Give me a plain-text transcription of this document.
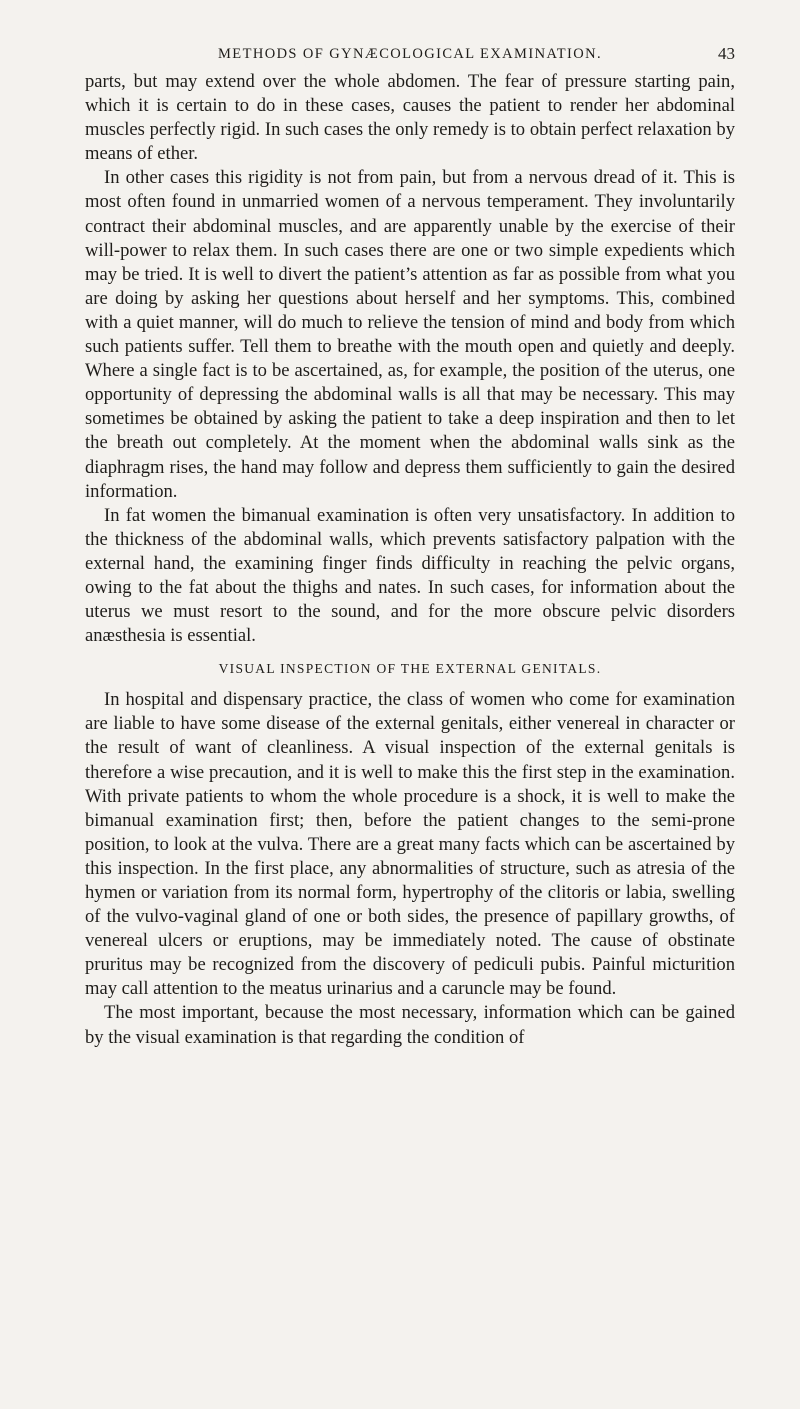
METHODS OF GYNÆCOLOGICAL EXAMINATION.	43

parts, but may extend over the whole abdomen. The fear of pressure starting pain, which it is certain to do in these cases, causes the patient to render her abdominal muscles perfectly rigid. In such cases the only remedy is to obtain perfect relaxation by means of ether.

In other cases this rigidity is not from pain, but from a nervous dread of it. This is most often found in unmarried women of a nervous temperament. They involuntarily contract their abdominal muscles, and are apparently unable by the exercise of their will-power to relax them. In such cases there are one or two simple expedients which may be tried. It is well to divert the patient’s attention as far as possible from what you are doing by asking her questions about herself and her symptoms. This, combined with a quiet manner, will do much to relieve the tension of mind and body from which such patients suffer. Tell them to breathe with the mouth open and quietly and deeply. Where a single fact is to be ascertained, as, for example, the position of the uterus, one opportunity of depressing the abdominal walls is all that may be necessary. This may sometimes be obtained by asking the patient to take a deep inspiration and then to let the breath out completely. At the moment when the abdominal walls sink as the diaphragm rises, the hand may follow and depress them sufficiently to gain the desired information.

In fat women the bimanual examination is often very unsatisfactory. In addition to the thickness of the abdominal walls, which prevents satisfactory palpation with the external hand, the examining finger finds difficulty in reaching the pelvic organs, owing to the fat about the thighs and nates. In such cases, for information about the uterus we must resort to the sound, and for the more obscure pelvic disorders anæsthesia is essential.

VISUAL INSPECTION OF THE EXTERNAL GENITALS.

In hospital and dispensary practice, the class of women who come for examination are liable to have some disease of the external genitals, either venereal in character or the result of want of cleanliness. A visual inspection of the external genitals is therefore a wise precaution, and it is well to make this the first step in the examination. With private patients to whom the whole procedure is a shock, it is well to make the bimanual examination first; then, before the patient changes to the semi-prone position, to look at the vulva. There are a great many facts which can be ascertained by this inspection. In the first place, any abnormalities of structure, such as atresia of the hymen or variation from its normal form, hypertrophy of the clitoris or labia, swelling of the vulvo-vaginal gland of one or both sides, the presence of papillary growths, of venereal ulcers or eruptions, may be immediately noted. The cause of obstinate pruritus may be recognized from the discovery of pediculi pubis. Painful micturition may call attention to the meatus urinarius and a caruncle may be found.

The most important, because the most necessary, information which can be gained by the visual examination is that regarding the condition of
